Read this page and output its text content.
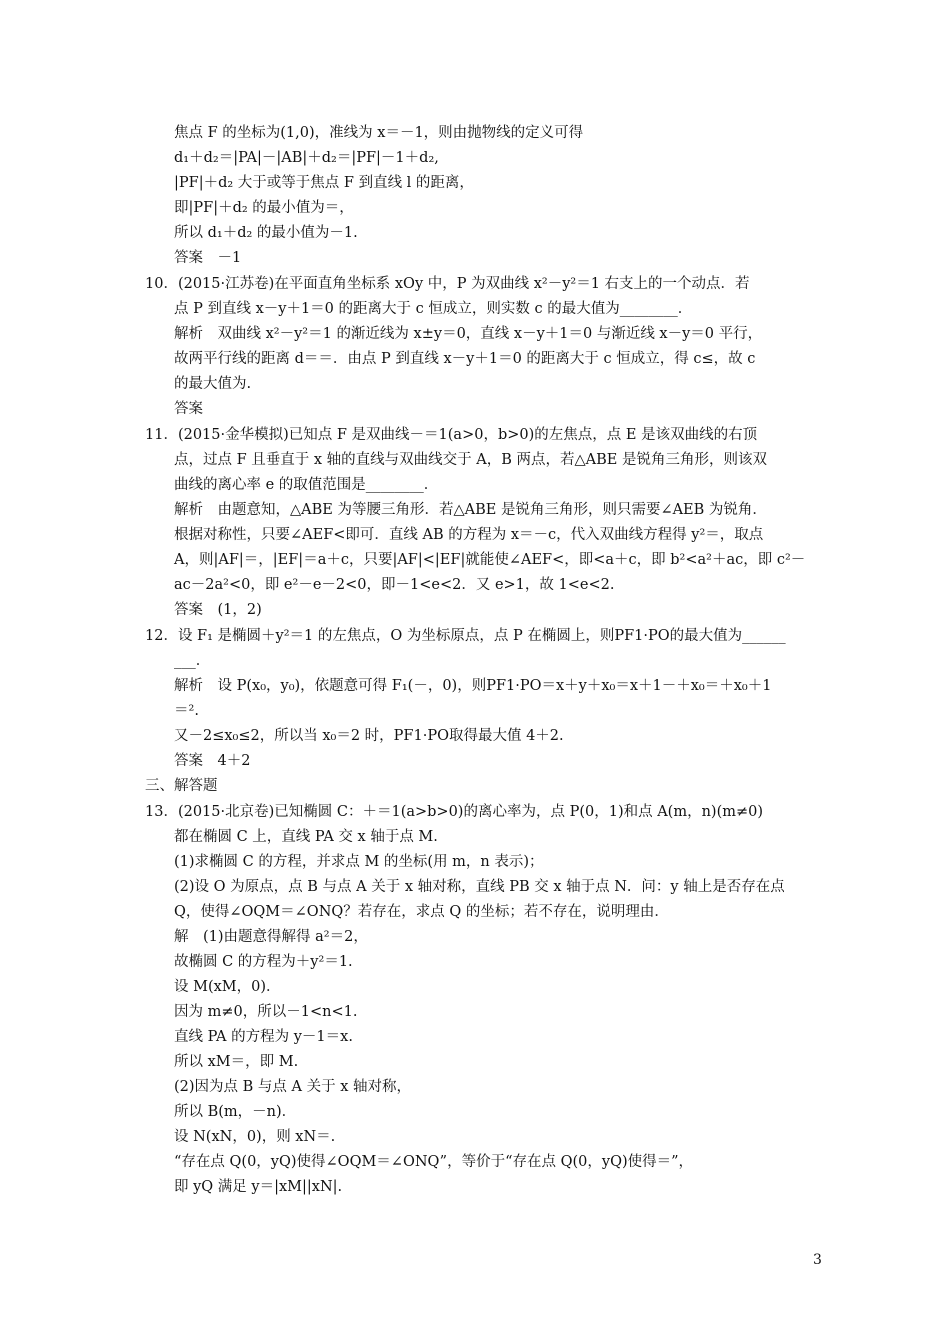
焦点 F 的坐标为(1,0)，准线为 x＝－1，则由抛物线的定义可得
d₁＋d₂＝|PA|－|AB|＋d₂＝|PF|－1＋d₂,
|PF|＋d₂ 大于或等于焦点 F 到直线 l 的距离，
即|PF|＋d₂ 的最小值为＝，
所以 d₁＋d₂ 的最小值为－1.
答案　－1
10．(2015·江苏卷)在平面直角坐标系 xOy 中，P 为双曲线 x²－y²＝1 右支上的一个动点．若
点 P 到直线 x－y＋1＝0 的距离大于 c 恒成立，则实数 c 的最大值为________．
解析　双曲线 x²－y²＝1 的渐近线为 x±y＝0，直线 x－y＋1＝0 与渐近线 x－y＝0 平行，
故两平行线的距离 d＝＝．由点 P 到直线 x－y＋1＝0 的距离大于 c 恒成立，得 c≤，故 c
的最大值为.
答案
11．(2015·金华模拟)已知点 F 是双曲线－＝1(a>0，b>0)的左焦点，点 E 是该双曲线的右顶
点，过点 F 且垂直于 x 轴的直线与双曲线交于 A，B 两点，若△ABE 是锐角三角形，则该双
曲线的离心率 e 的取值范围是________．
解析　由题意知，△ABE 为等腰三角形．若△ABE 是锐角三角形，则只需要∠AEB 为锐角．
根据对称性，只要∠AEF<即可．直线 AB 的方程为 x＝－c，代入双曲线方程得 y²＝，取点
A，则|AF|＝，|EF|＝a＋c，只要|AF|<|EF|就能使∠AEF<，即<a＋c，即 b²<a²＋ac，即 c²－
ac－2a²<0，即 e²－e－2<0，即－1<e<2．又 e>1，故 1<e<2.
答案　(1，2)
12．设 F₁ 是椭圆＋y²＝1 的左焦点，O 为坐标原点，点 P 在椭圆上，则PF1·PO的最大值为______
___．
解析　设 P(x₀，y₀)，依题意可得 F₁(－，0)，则PF1·PO＝x＋y＋x₀＝x＋1－＋x₀＝＋x₀＋1
＝².
又－2≤x₀≤2，所以当 x₀＝2 时，PF1·PO取得最大值 4＋2.
答案　4＋2
三、解答题
13．(2015·北京卷)已知椭圆 C：＋＝1(a>b>0)的离心率为，点 P(0，1)和点 A(m，n)(m≠0)
都在椭圆 C 上，直线 PA 交 x 轴于点 M.
(1)求椭圆 C 的方程，并求点 M 的坐标(用 m，n 表示)；
(2)设 O 为原点，点 B 与点 A 关于 x 轴对称，直线 PB 交 x 轴于点 N．问：y 轴上是否存在点
Q，使得∠OQM＝∠ONQ？若存在，求点 Q 的坐标；若不存在，说明理由．
解　(1)由题意得解得 a²＝2，
故椭圆 C 的方程为＋y²＝1.
设 M(xM，0)．
因为 m≠0，所以－1<n<1.
直线 PA 的方程为 y－1＝x.
所以 xM＝，即 M.
(2)因为点 B 与点 A 关于 x 轴对称，
所以 B(m，－n)．
设 N(xN，0)，则 xN＝.
“存在点 Q(0，yQ)使得∠OQM＝∠ONQ”，等价于“存在点 Q(0，yQ)使得＝”，
即 yQ 满足 y＝|xM||xN|.
3
